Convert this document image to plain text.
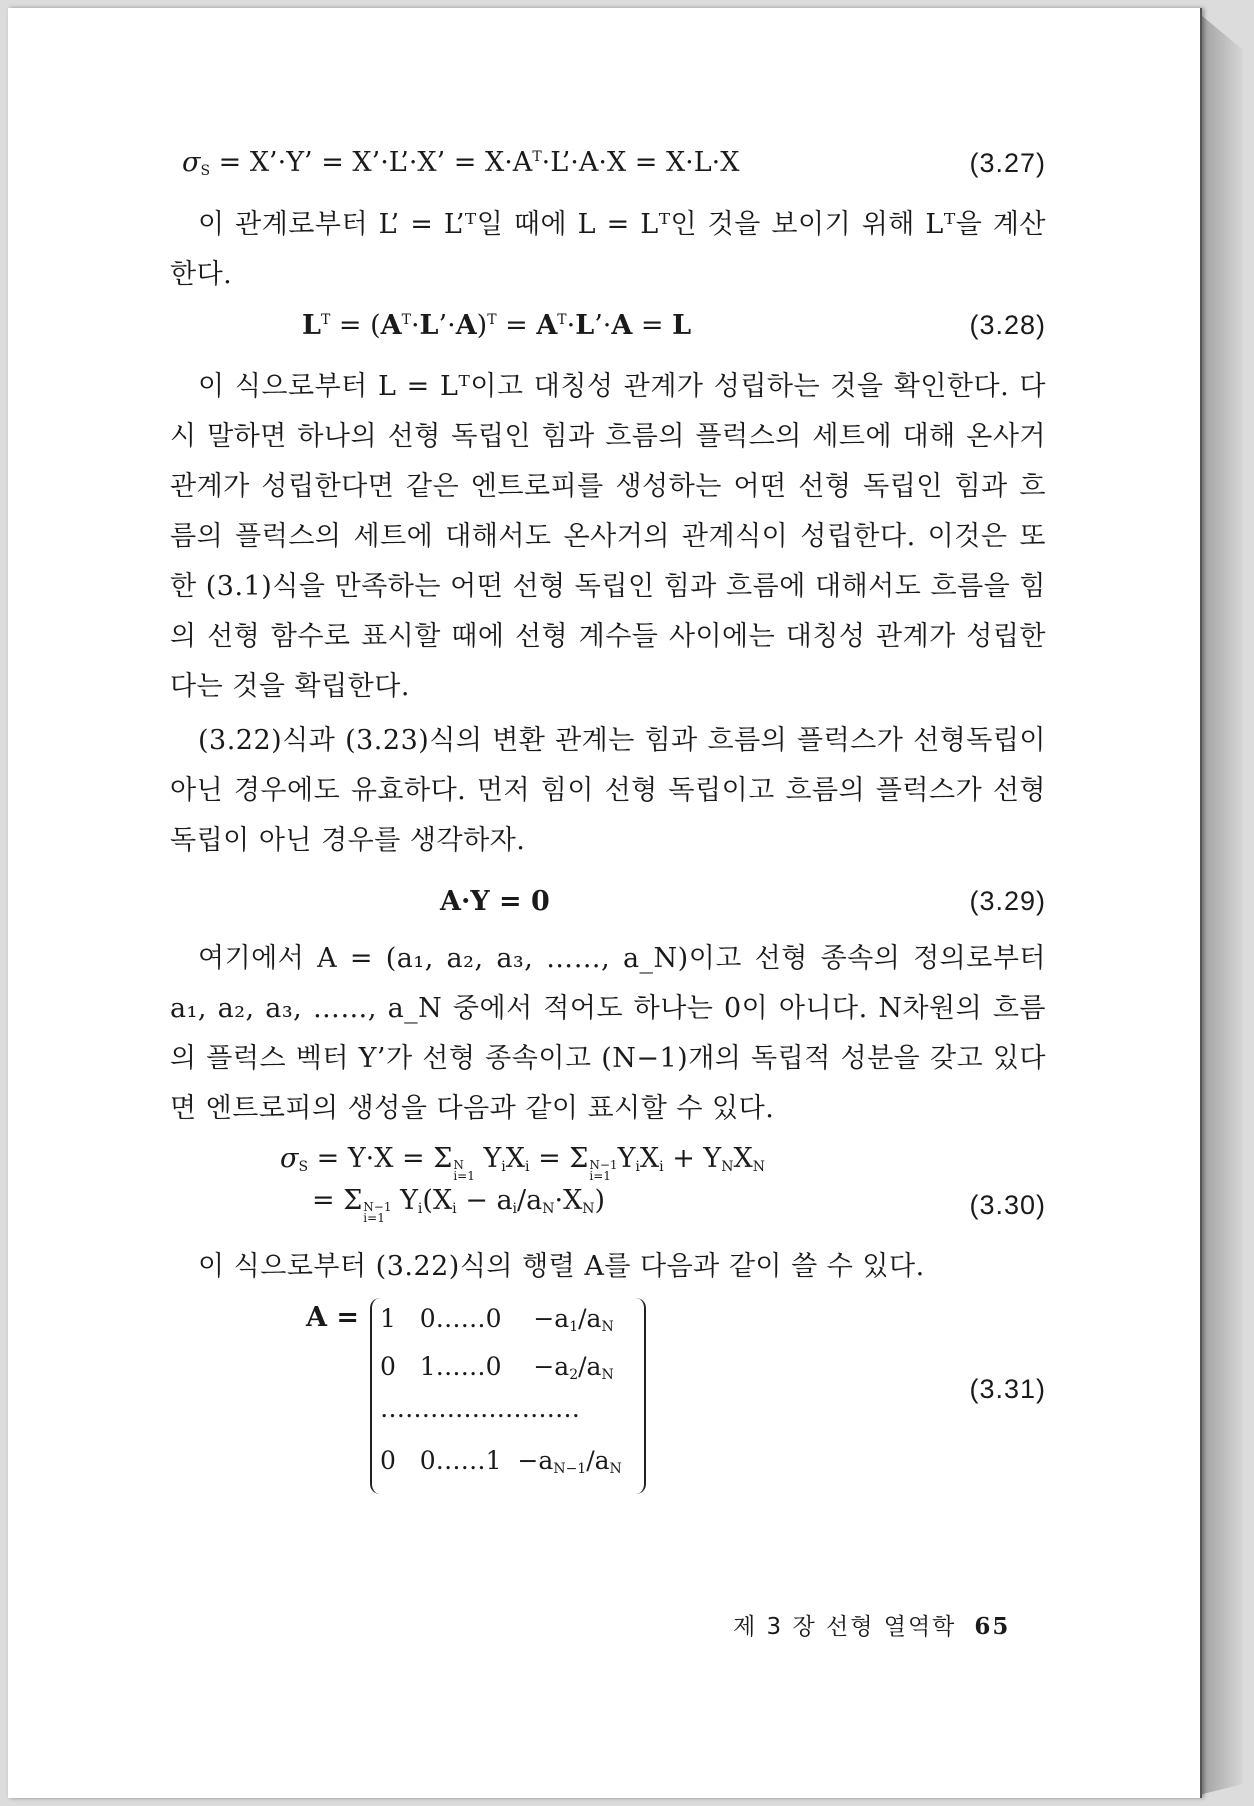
$\sigma_S$ = X’·Y’ = X’·L’·X’ = $X\cdot A^T\cdot L’\cdot A\cdot X = X\cdot L\cdot X$	(3.27)

이 관계로부터 L’ = L’ᵀ일 때에 L = Lᵀ인 것을 보이기 위해 Lᵀ을 계산한다.

$L^T$ = $(A^T\cdot L’\cdot A)^T$ = $A^T\cdot L’\cdot A = L$	(3.28)

이 식으로부터 L = Lᵀ이고 대칭성 관계가 성립하는 것을 확인한다. 다시 말하면 하나의 선형 독립인 힘과 흐름의 플럭스의 세트에 대해 온사거 관계가 성립한다면 같은 엔트로피를 생성하는 어떤 선형 독립인 힘과 흐름의 플럭스의 세트에 대해서도 온사거의 관계식이 성립한다. 이것은 또한 (3.1)식을 만족하는 어떤 선형 독립인 힘과 흐름에 대해서도 흐름을 힘의 선형 함수로 표시할 때에 선형 계수들 사이에는 대칭성 관계가 성립한다는 것을 확립한다.

(3.22)식과 (3.23)식의 변환 관계는 힘과 흐름의 플럭스가 선형독립이 아닌 경우에도 유효하다. 먼저 힘이 선형 독립이고 흐름의 플럭스가 선형 독립이 아닌 경우를 생각하자.

A·Y = 0	(3.29)

여기에서 A = (a₁, a₂, a₃, ……, a_N)이고 선형 종속의 정의로부터 a₁, a₂, a₃, ……, a_N 중에서 적어도 하나는 0이 아니다. N차원의 흐름의 플럭스 벡터 Y’가 선형 종속이고 (N−1)개의 독립적 성분을 갖고 있다면 엔트로피의 생성을 다음과 같이 표시할 수 있다.

$\sigma_S = Y\cdot X = \Sigma$ N
i=1
$Y_iX_i = \Sigma$ N−1
i=1
$Y_iX_i + Y_NX_N$
= Σ N−1
i=1
$Y_i(X_i - a_i/a_N\cdot X_N)$	(3.30)

이 식으로부터 (3.22)식의 행렬 A를 다음과 같이 쓸 수 있다.

A = 1   0……0    $-a_1/a_N$
0   1……0    $-a_2/a_N$
……………………
0   0……1  $-a_{N-1}/a_N$
(3.31)
제 3 장 선형 열역학 65
